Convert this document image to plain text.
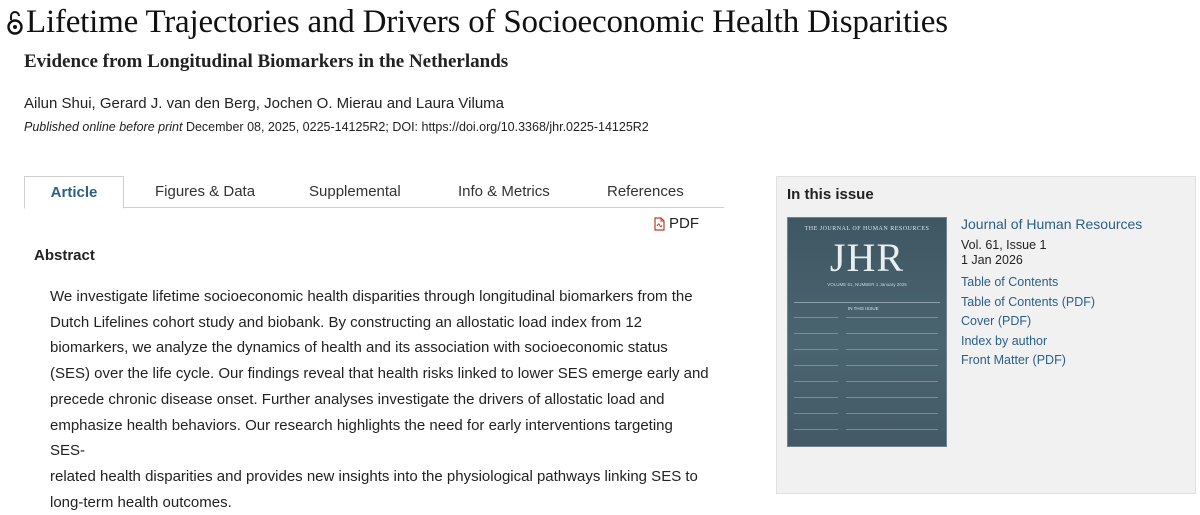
Lifetime Trajectories and Drivers of Socioeconomic Health Disparities
Evidence from Longitudinal Biomarkers in the Netherlands
Ailun Shui, Gerard J. van den Berg, Jochen O. Mierau and Laura Viluma
Published online before print December 08, 2025, 0225-14125R2; DOI: https://doi.org/10.3368/jhr.0225-14125R2
Article	Figures & Data	Supplemental	Info & Metrics	References
PDF
Abstract
We investigate lifetime socioeconomic health disparities through longitudinal biomarkers from the
Dutch Lifelines cohort study and biobank. By constructing an allostatic load index from 12
biomarkers, we analyze the dynamics of health and its association with socioeconomic status
(SES) over the life cycle. Our findings reveal that health risks linked to lower SES emerge early and
precede chronic disease onset. Further analyses investigate the drivers of allostatic load and
emphasize health behaviors. Our research highlights the need for early interventions targeting SES-
related health disparities and provides new insights into the physiological pathways linking SES to
long-term health outcomes.
In this issue
THE JOURNAL OF HUMAN RESOURCES
JHR
VOLUME 61, NUMBER 1 January 2026
IN THIS ISSUE
Journal of Human Resources
Vol. 61, Issue 1
1 Jan 2026
Table of Contents
Table of Contents (PDF)
Cover (PDF)
Index by author
Front Matter (PDF)
